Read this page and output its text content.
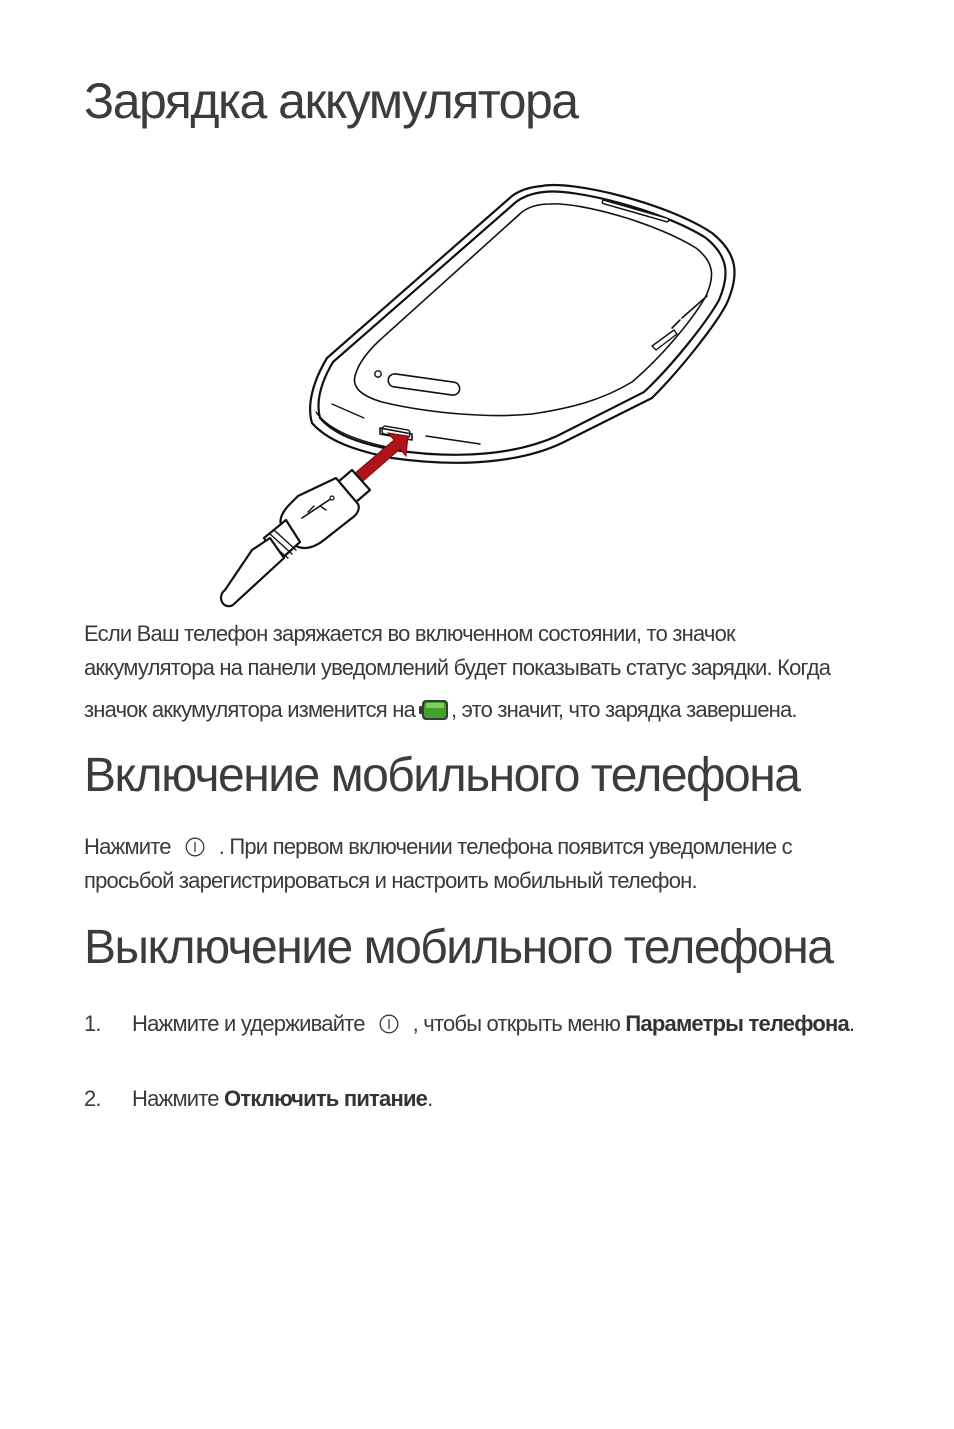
Зарядка аккумулятора

Если Ваш телефон заряжается во включенном состоянии, то значок
аккумулятора на панели уведомлений будет показывать статус зарядки. Когда
значок аккумулятора изменится на , это значит, что зарядка завершена.

Включение мобильного телефона

Нажмите . При первом включении телефона появится уведомление с просьбой зарегистрироваться и настроить мобильный телефон.

Выключение мобильного телефона
1. Нажмите и удерживайте , чтобы открыть меню Параметры телефона.
2. Нажмите Отключить питание.
